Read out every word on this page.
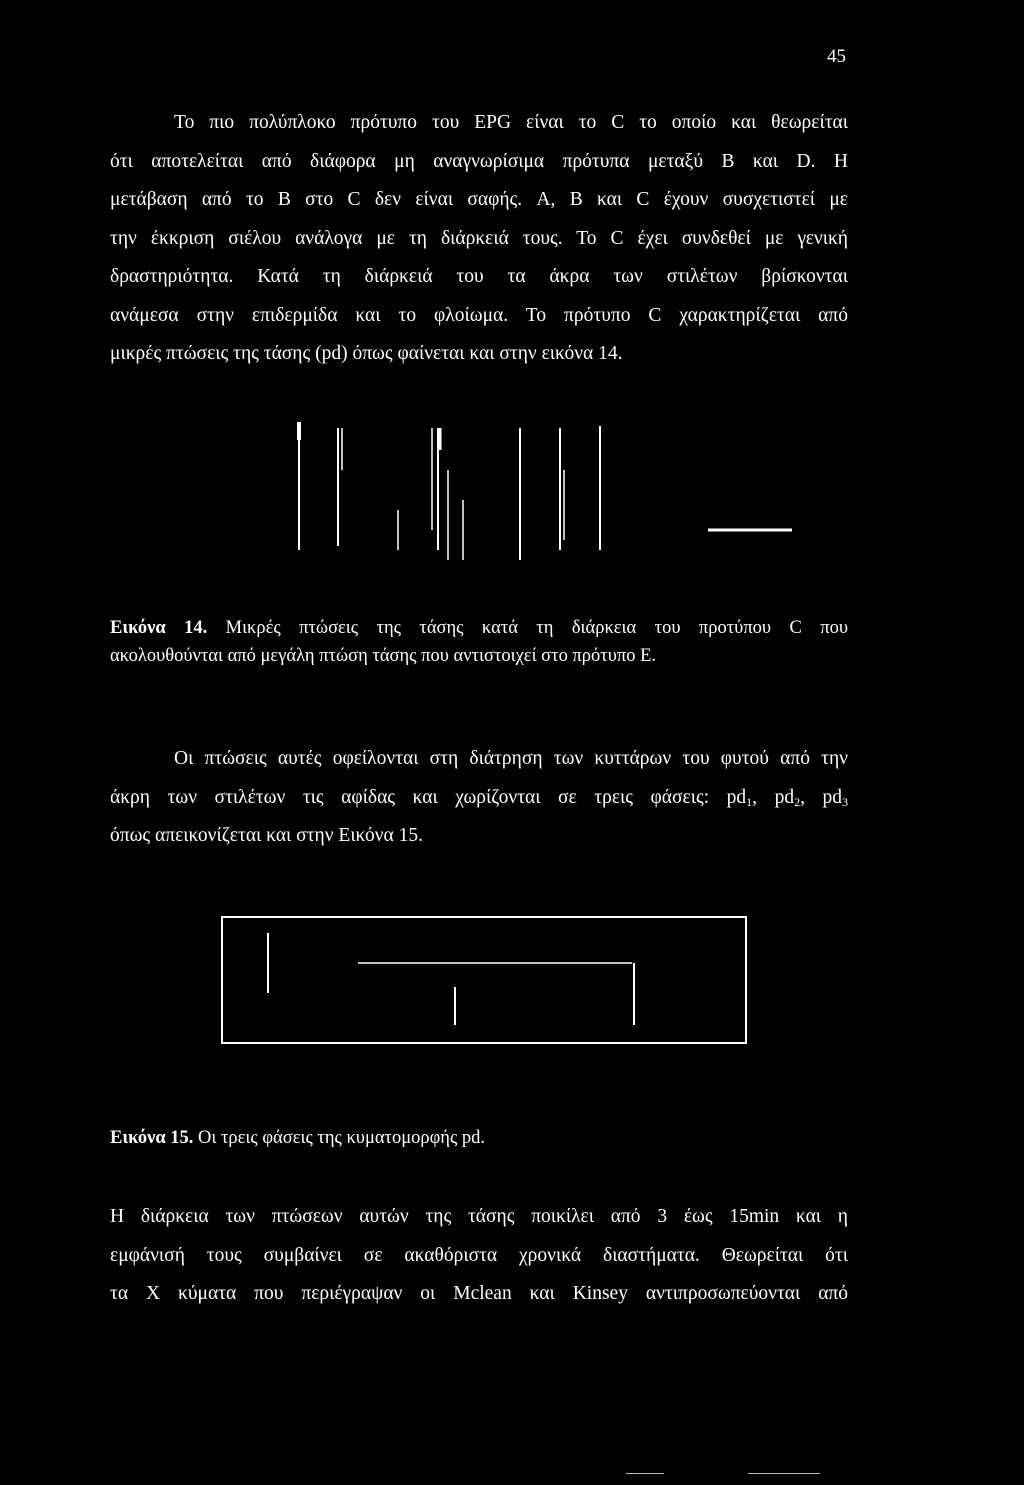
45
Το πιο πολύπλοκο πρότυπο του EPG είναι το C το οποίο και θεωρείται
ότι αποτελείται από διάφορα μη αναγνωρίσιμα πρότυπα μεταξύ B και D. Η
μετάβαση από το B στο C δεν είναι σαφής. A, B και C έχουν συσχετιστεί με
την έκκριση σιέλου ανάλογα με τη διάρκειά τους. Το C έχει συνδεθεί με γενική
δραστηριότητα. Κατά τη διάρκειά του τα άκρα των στιλέτων βρίσκονται
ανάμεσα στην επιδερμίδα και το φλοίωμα. Το πρότυπο C χαρακτηρίζεται από
μικρές πτώσεις της τάσης (pd) όπως φαίνεται και στην εικόνα 14.
Εικόνα 14. Μικρές πτώσεις της τάσης κατά τη διάρκεια του προτύπου C που
ακολουθούνται από μεγάλη πτώση τάσης που αντιστοιχεί στο πρότυπο Ε.
Οι πτώσεις αυτές οφείλονται στη διάτρηση των κυττάρων του φυτού από την
άκρη των στιλέτων τις αφίδας και χωρίζονται σε τρεις φάσεις: $pd_1$, $pd_2$, $pd_3$
όπως απεικονίζεται και στην Εικόνα 15.
Εικόνα 15. Οι τρεις φάσεις της κυματομορφής pd.
Η διάρκεια των πτώσεων αυτών της τάσης ποικίλει από 3 έως 15min και η
εμφάνισή τους συμβαίνει σε ακαθόριστα χρονικά διαστήματα. Θεωρείται ότι
τα Χ κύματα που περιέγραψαν οι Mclean και Kinsey αντιπροσωπεύονται από
